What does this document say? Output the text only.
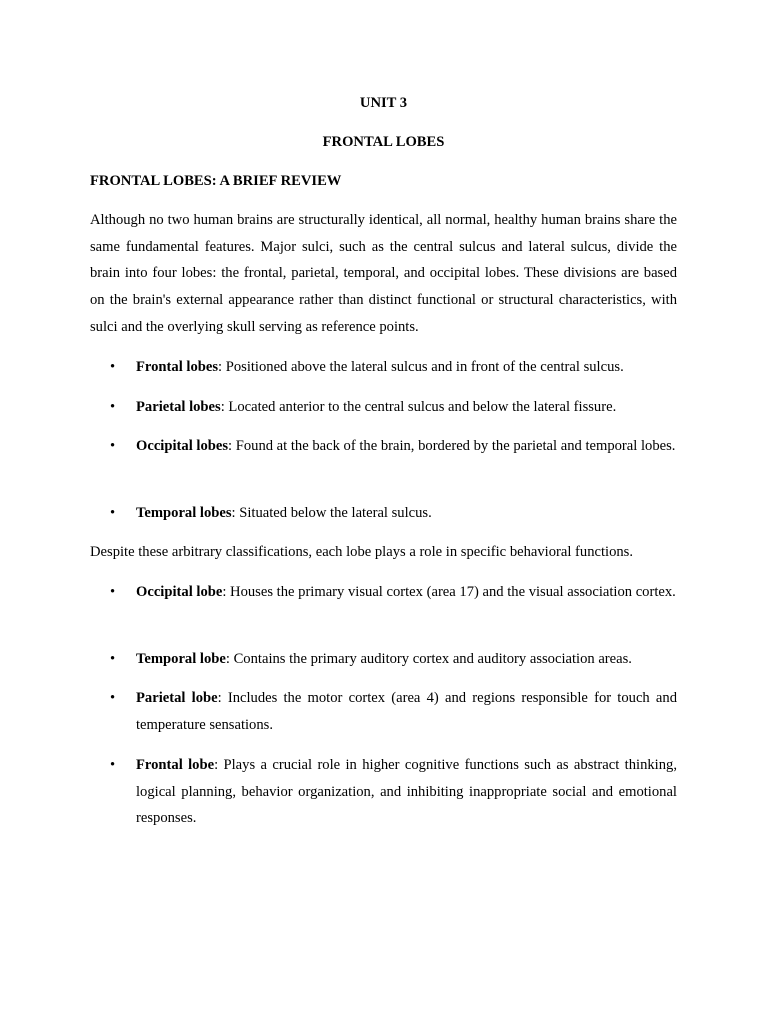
UNIT 3
FRONTAL LOBES
FRONTAL LOBES: A BRIEF REVIEW

Although no two human brains are structurally identical, all normal, healthy human brains share the same fundamental features. Major sulci, such as the central sulcus and lateral sulcus, divide the brain into four lobes: the frontal, parietal, temporal, and occipital lobes. These divisions are based on the brain's external appearance rather than distinct functional or structural characteristics, with sulci and the overlying skull serving as reference points.

• Frontal lobes: Positioned above the lateral sulcus and in front of the central sulcus.
• Parietal lobes: Located anterior to the central sulcus and below the lateral fissure.
• Occipital lobes: Found at the back of the brain, bordered by the parietal and temporal lobes.
• Temporal lobes: Situated below the lateral sulcus.

Despite these arbitrary classifications, each lobe plays a role in specific behavioral functions.

• Occipital lobe: Houses the primary visual cortex (area 17) and the visual association cortex.
• Temporal lobe: Contains the primary auditory cortex and auditory association areas.
• Parietal lobe: Includes the motor cortex (area 4) and regions responsible for touch and temperature sensations.
• Frontal lobe: Plays a crucial role in higher cognitive functions such as abstract thinking, logical planning, behavior organization, and inhibiting inappropriate social and emotional responses.
